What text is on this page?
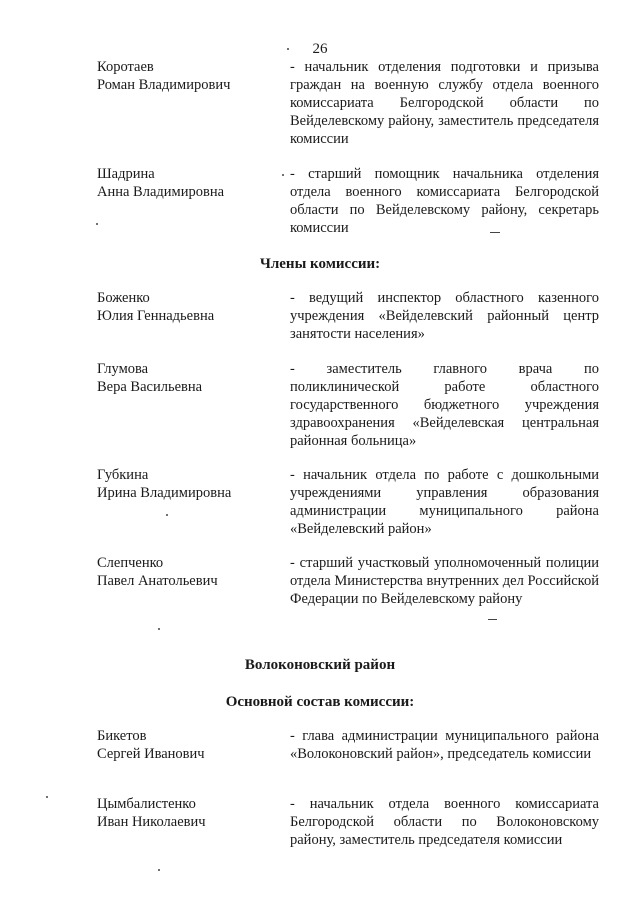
26
Коротаев
Роман Владимирович
- начальник отделения подготовки и призыва граждан на военную службу отдела военного комиссариата Белгородской области по Вейделевскому району, заместитель председателя комиссии
Шадрина
Анна Владимировна
- старший помощник начальника отделения отдела военного комиссариата Белгородской области по Вейделевскому району, секретарь комиссии
Члены комиссии:
Боженко
Юлия Геннадьевна
- ведущий инспектор областного казенного учреждения «Вейделевский районный центр занятости населения»
Глумова
Вера Васильевна
- заместитель главного врача по поликлинической работе областного государственного бюджетного учреждения здравоохранения «Вейделевская центральная районная больница»
Губкина
Ирина Владимировна
- начальник отдела по работе с дошкольными учреждениями управления образования администрации муниципального района «Вейделевский район»
Слепченко
Павел Анатольевич
- старший участковый уполномоченный полиции отдела Министерства внутренних дел Российской Федерации по Вейделевскому району
Волоконовский район
Основной состав комиссии:
Бикетов
Сергей Иванович
- глава администрации муниципального района «Волоконовский район», председатель комиссии
Цымбалистенко
Иван Николаевич
- начальник отдела военного комиссариата Белгородской области по Волоконовскому району, заместитель председателя комиссии
